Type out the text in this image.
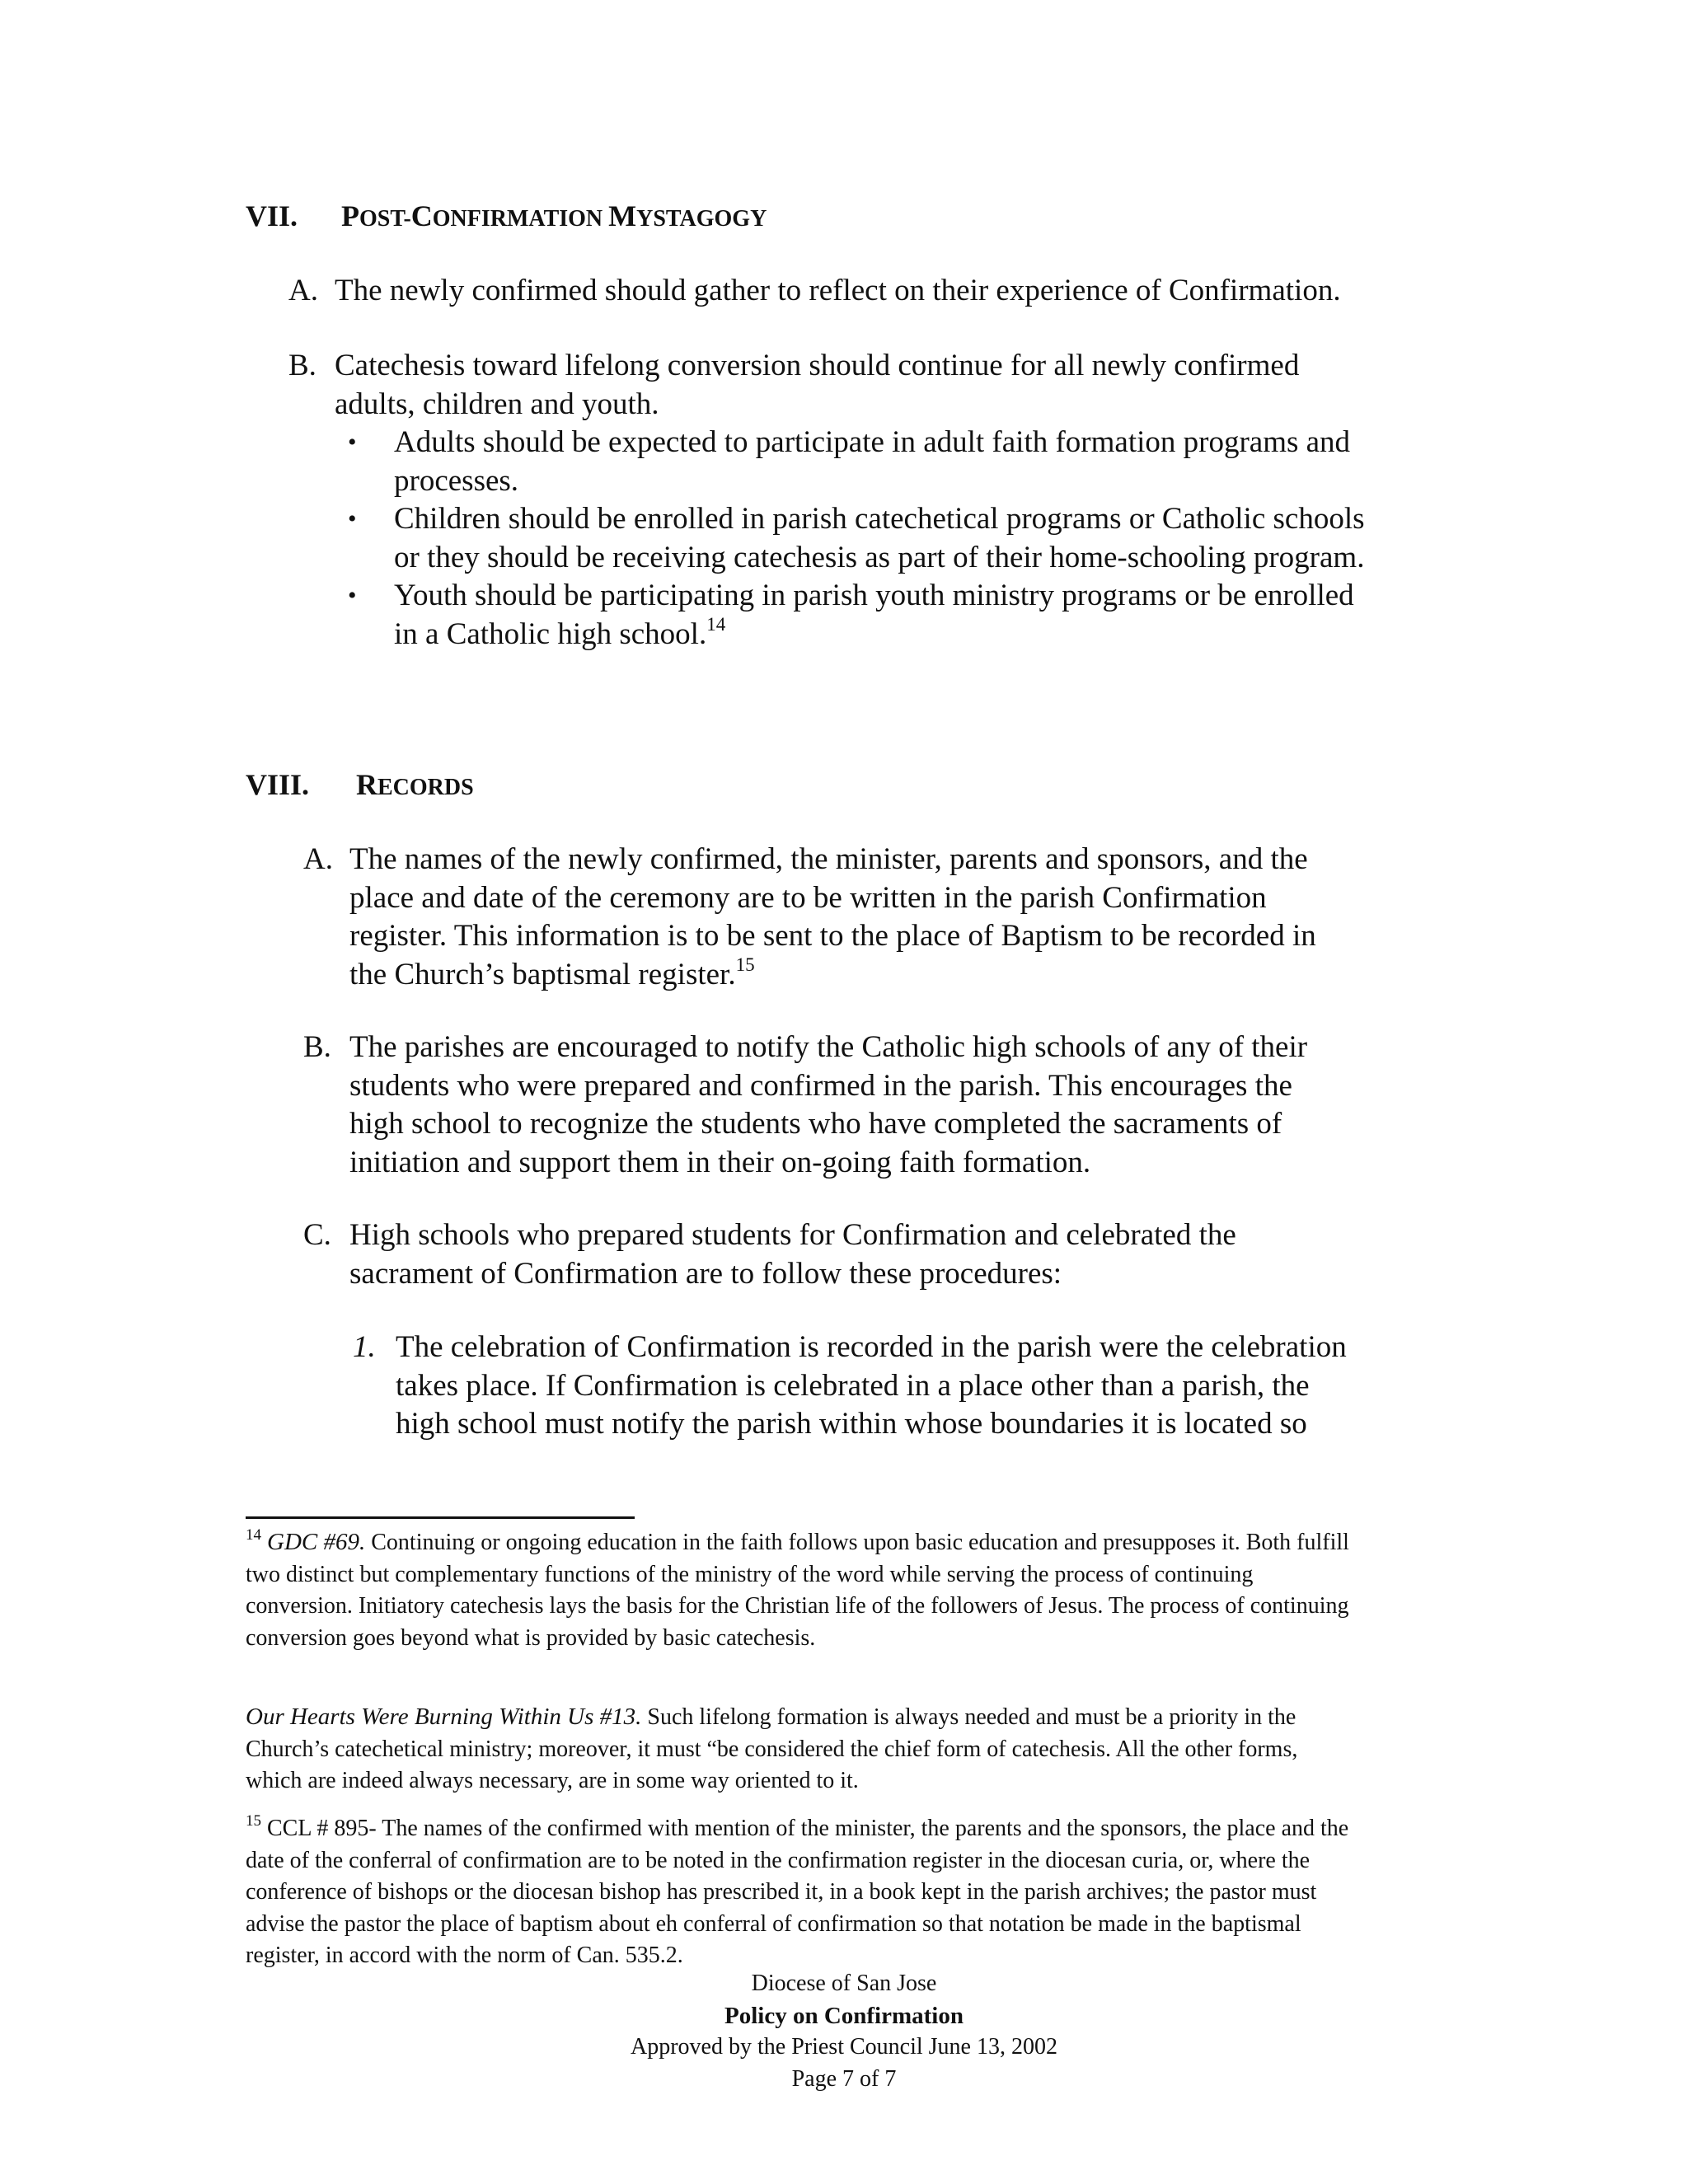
VII. POST-CONFIRMATION MYSTAGOGY
A. The newly confirmed should gather to reflect on their experience of Confirmation.
B. Catechesis toward lifelong conversion should continue for all newly confirmed adults, children and youth.
• Adults should be expected to participate in adult faith formation programs and processes.
• Children should be enrolled in parish catechetical programs or Catholic schools or they should be receiving catechesis as part of their home-schooling program.
• Youth should be participating in parish youth ministry programs or be enrolled in a Catholic high school.$^{14}$
VIII. RECORDS
A. The names of the newly confirmed, the minister, parents and sponsors, and the place and date of the ceremony are to be written in the parish Confirmation register. This information is to be sent to the place of Baptism to be recorded in the Church’s baptismal register.$^{15}$
B. The parishes are encouraged to notify the Catholic high schools of any of their students who were prepared and confirmed in the parish. This encourages the high school to recognize the students who have completed the sacraments of initiation and support them in their on-going faith formation.
C. High schools who prepared students for Confirmation and celebrated the sacrament of Confirmation are to follow these procedures:
1. The celebration of Confirmation is recorded in the parish were the celebration takes place. If Confirmation is celebrated in a place other than a parish, the high school must notify the parish within whose boundaries it is located so
$^{14}$ GDC #69. Continuing or ongoing education in the faith follows upon basic education and presupposes it. Both fulfill two distinct but complementary functions of the ministry of the word while serving the process of continuing conversion. Initiatory catechesis lays the basis for the Christian life of the followers of Jesus. The process of continuing conversion goes beyond what is provided by basic catechesis.
Our Hearts Were Burning Within Us #13. Such lifelong formation is always needed and must be a priority in the Church’s catechetical ministry; moreover, it must “be considered the chief form of catechesis. All the other forms, which are indeed always necessary, are in some way oriented to it.
$^{15}$ CCL # 895- The names of the confirmed with mention of the minister, the parents and the sponsors, the place and the date of the conferral of confirmation are to be noted in the confirmation register in the diocesan curia, or, where the conference of bishops or the diocesan bishop has prescribed it, in a book kept in the parish archives; the pastor must advise the pastor the place of baptism about eh conferral of confirmation so that notation be made in the baptismal register, in accord with the norm of Can. 535.2.
Diocese of San Jose
Policy on Confirmation
Approved by the Priest Council June 13, 2002
Page 7 of 7
